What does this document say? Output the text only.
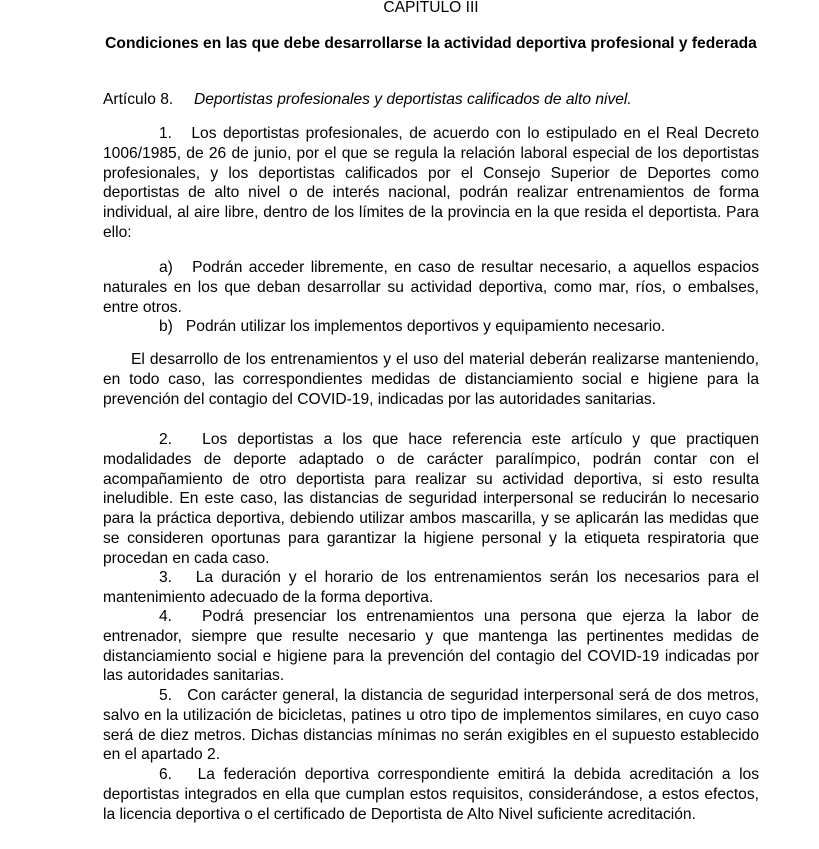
CAPITULO III
Condiciones en las que debe desarrollarse la actividad deportiva profesional y federada
Artículo 8. Deportistas profesionales y deportistas calificados de alto nivel.

1. Los deportistas profesionales, de acuerdo con lo estipulado en el Real Decreto 1006/1985, de 26 de junio, por el que se regula la relación laboral especial de los deportistas profesionales, y los deportistas calificados por el Consejo Superior de Deportes como deportistas de alto nivel o de interés nacional, podrán realizar entrenamientos de forma individual, al aire libre, dentro de los límites de la provincia en la que resida el deportista. Para ello:

a) Podrán acceder libremente, en caso de resultar necesario, a aquellos espacios naturales en los que deban desarrollar su actividad deportiva, como mar, ríos, o embalses, entre otros.

b) Podrán utilizar los implementos deportivos y equipamiento necesario.

El desarrollo de los entrenamientos y el uso del material deberán realizarse manteniendo, en todo caso, las correspondientes medidas de distanciamiento social e higiene para la prevención del contagio del COVID-19, indicadas por las autoridades sanitarias.

2. Los deportistas a los que hace referencia este artículo y que practiquen modalidades de deporte adaptado o de carácter paralímpico, podrán contar con el acompañamiento de otro deportista para realizar su actividad deportiva, si esto resulta ineludible. En este caso, las distancias de seguridad interpersonal se reducirán lo necesario para la práctica deportiva, debiendo utilizar ambos mascarilla, y se aplicarán las medidas que se consideren oportunas para garantizar la higiene personal y la etiqueta respiratoria que procedan en cada caso.

3. La duración y el horario de los entrenamientos serán los necesarios para el mantenimiento adecuado de la forma deportiva.

4. Podrá presenciar los entrenamientos una persona que ejerza la labor de entrenador, siempre que resulte necesario y que mantenga las pertinentes medidas de distanciamiento social e higiene para la prevención del contagio del COVID-19 indicadas por las autoridades sanitarias.

5. Con carácter general, la distancia de seguridad interpersonal será de dos metros, salvo en la utilización de bicicletas, patines u otro tipo de implementos similares, en cuyo caso será de diez metros. Dichas distancias mínimas no serán exigibles en el supuesto establecido en el apartado 2.

6. La federación deportiva correspondiente emitirá la debida acreditación a los deportistas integrados en ella que cumplan estos requisitos, considerándose, a estos efectos, la licencia deportiva o el certificado de Deportista de Alto Nivel suficiente acreditación.
